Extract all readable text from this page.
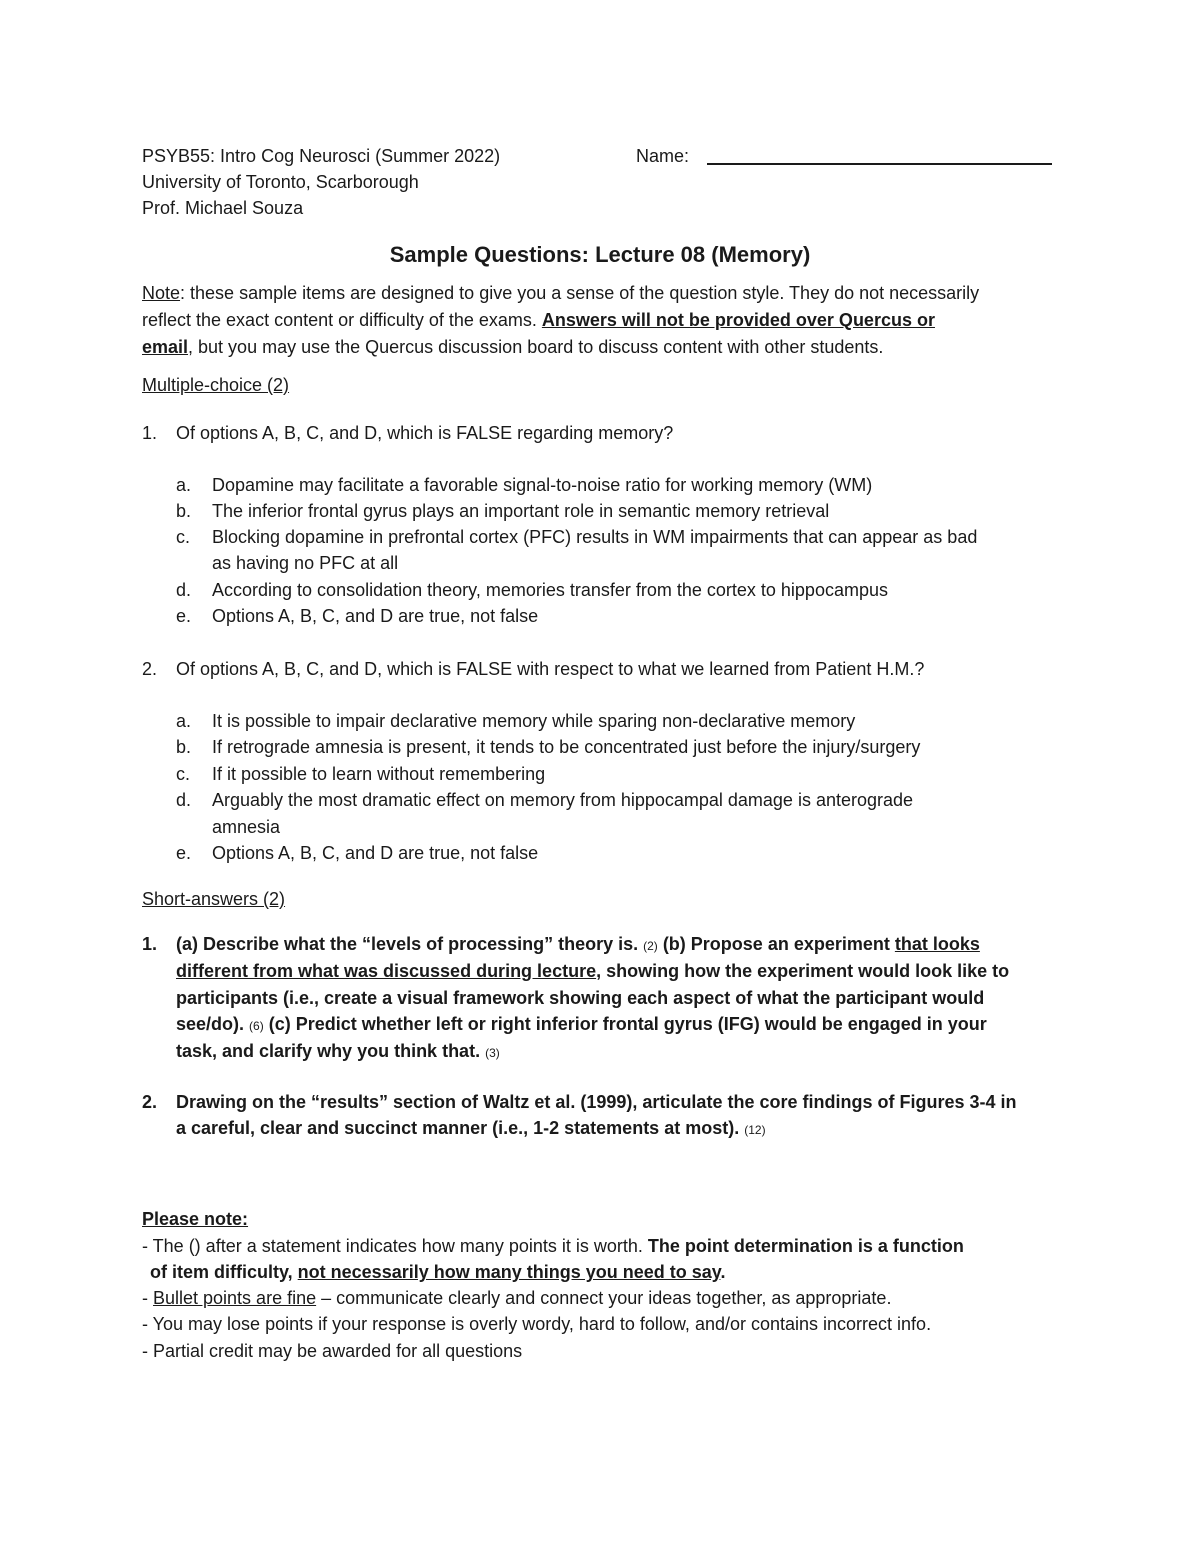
PSYB55: Intro Cog Neurosci (Summer 2022)
University of Toronto, Scarborough
Prof. Michael Souza
Name:
Sample Questions: Lecture 08 (Memory)
Note: these sample items are designed to give you a sense of the question style. They do not necessarily
reflect the exact content or difficulty of the exams. Answers will not be provided over Quercus or
email, but you may use the Quercus discussion board to discuss content with other students.
Multiple-choice (2)
1. Of options A, B, C, and D, which is FALSE regarding memory?
a. Dopamine may facilitate a favorable signal-to-noise ratio for working memory (WM)
b. The inferior frontal gyrus plays an important role in semantic memory retrieval
c. Blocking dopamine in prefrontal cortex (PFC) results in WM impairments that can appear as bad
as having no PFC at all
d. According to consolidation theory, memories transfer from the cortex to hippocampus
e. Options A, B, C, and D are true, not false
2. Of options A, B, C, and D, which is FALSE with respect to what we learned from Patient H.M.?
a. It is possible to impair declarative memory while sparing non-declarative memory
b. If retrograde amnesia is present, it tends to be concentrated just before the injury/surgery
c. If it possible to learn without remembering
d. Arguably the most dramatic effect on memory from hippocampal damage is anterograde
amnesia
e. Options A, B, C, and D are true, not false
Short-answers (2)
1. (a) Describe what the “levels of processing” theory is. (2) (b) Propose an experiment that looks
different from what was discussed during lecture, showing how the experiment would look like to
participants (i.e., create a visual framework showing each aspect of what the participant would
see/do). (6) (c) Predict whether left or right inferior frontal gyrus (IFG) would be engaged in your
task, and clarify why you think that. (3)
2. Drawing on the “results” section of Waltz et al. (1999), articulate the core findings of Figures 3-4 in
a careful, clear and succinct manner (i.e., 1-2 statements at most). (12)
Please note:
- The () after a statement indicates how many points it is worth. The point determination is a function
of item difficulty, not necessarily how many things you need to say.
- Bullet points are fine – communicate clearly and connect your ideas together, as appropriate.
- You may lose points if your response is overly wordy, hard to follow, and/or contains incorrect info.
- Partial credit may be awarded for all questions
